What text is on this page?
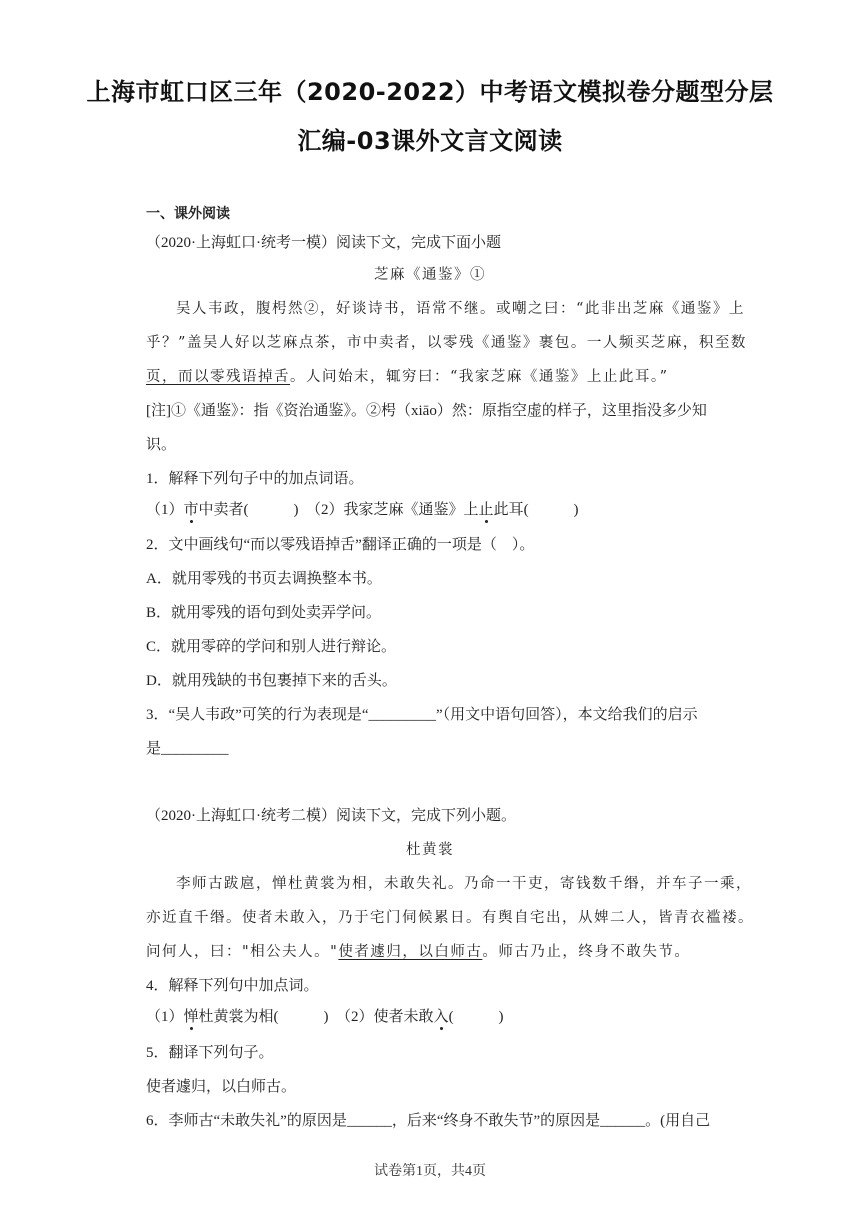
上海市虹口区三年（2020-2022）中考语文模拟卷分题型分层
汇编-03课外文言文阅读
一、课外阅读
（2020·上海虹口·统考一模）阅读下文，完成下面小题
芝麻《通鉴》①
吴人韦政，腹枵然②，好谈诗书，语常不继。或嘲之曰：“此非出芝麻《通鉴》上
乎？”盖吴人好以芝麻点茶，市中卖者，以零残《通鉴》裹包。一人频买芝麻，积至数
页，而以零残语掉舌。人问始末，辄穷曰：“我家芝麻《通鉴》上止此耳。”
[注]①《通鉴》：指《资治通鉴》。②枵（xiāo）然：原指空虚的样子，这里指没多少知
识。
1．解释下列句子中的加点词语。
（1）市中卖者(　　　)　（2）我家芝麻《通鉴》上止此耳(　　　)
2．文中画线句“而以零残语掉舌”翻译正确的一项是（　）。
A．就用零残的书页去调换整本书。
B．就用零残的语句到处卖弄学问。
C．就用零碎的学问和别人进行辩论。
D．就用残缺的书包裹掉下来的舌头。
3．“吴人韦政”可笑的行为表现是“_________”（用文中语句回答），本文给我们的启示
是_________
（2020·上海虹口·统考二模）阅读下文，完成下列小题。
杜黄裳
李师古跋扈，惮杜黄裳为相，未敢失礼。乃命一干吏，寄钱数千缗，并车子一乘，
亦近直千缗。使者未敢入，乃于宅门伺候累日。有舆自宅出，从婢二人，皆青衣褴褛。
问何人，曰："相公夫人。"使者遽归，以白师古。师古乃止，终身不敢失节。
4．解释下列句中加点词。
（1）惮杜黄裳为相(　　　)　（2）使者未敢入(　　　)
5．翻译下列句子。
使者遽归，以白师古。
6．李师古“未敢失礼”的原因是______，后来“终身不敢失节”的原因是______。(用自己
试卷第1页，共4页
